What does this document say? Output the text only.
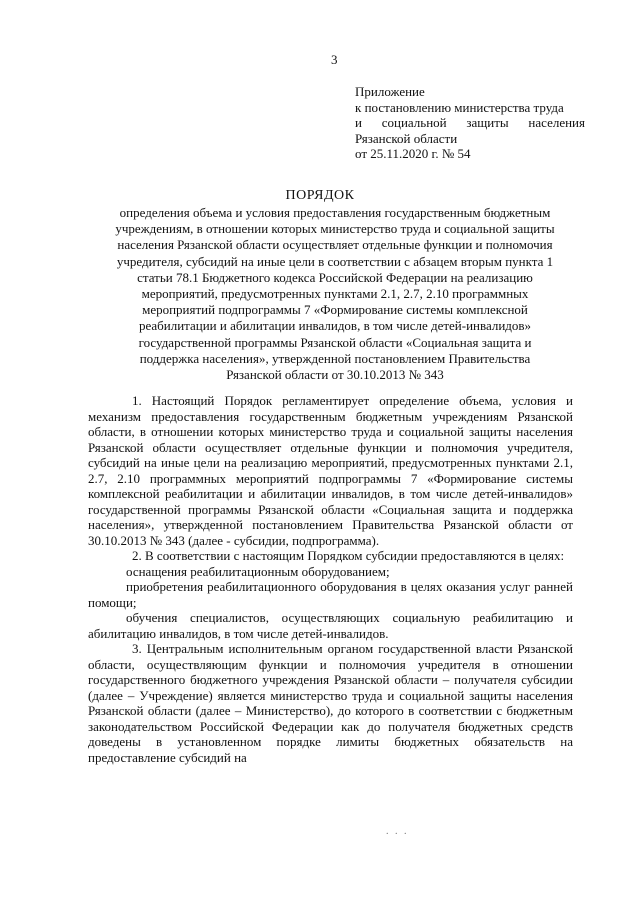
3
Приложение
к постановлению министерства труда
и социальной защиты населения
Рязанской области
от 25.11.2020 г. № 54
ПОРЯДОК
определения объема и условия предоставления государственным бюджетным
учреждениям, в отношении которых министерство труда и социальной защиты
населения Рязанской области осуществляет отдельные функции и полномочия
учредителя, субсидий на иные цели в соответствии с абзацем вторым пункта 1
статьи 78.1 Бюджетного кодекса Российской Федерации на реализацию
мероприятий, предусмотренных пунктами 2.1, 2.7, 2.10 программных
мероприятий подпрограммы 7 «Формирование системы комплексной
реабилитации и абилитации инвалидов, в том числе детей-инвалидов»
государственной программы Рязанской области «Социальная защита и
поддержка населения», утвержденной постановлением Правительства
Рязанской области от 30.10.2013 № 343

1. Настоящий Порядок регламентирует определение объема, условия и механизм предоставления государственным бюджетным учреждениям Рязанской области, в отношении которых министерство труда и социальной защиты населения Рязанской области осуществляет отдельные функции и полномочия учредителя, субсидий на иные цели на реализацию мероприятий, предусмотренных пунктами 2.1, 2.7, 2.10 программных мероприятий подпрограммы 7 «Формирование системы комплексной реабилитации и абилитации инвалидов, в том числе детей-инвалидов» государственной программы Рязанской области «Социальная защита и поддержка населения», утвержденной постановлением Правительства Рязанской области от 30.10.2013 № 343 (далее - субсидии, подпрограмма).

2. В соответствии с настоящим Порядком субсидии предоставляются в целях:

оснащения реабилитационным оборудованием;

приобретения реабилитационного оборудования в целях оказания услуг ранней помощи;

обучения специалистов, осуществляющих социальную реабилитацию и абилитацию инвалидов, в том числе детей-инвалидов.

3. Центральным исполнительным органом государственной власти Рязанской области, осуществляющим функции и полномочия учредителя в отношении государственного бюджетного учреждения Рязанской области – получателя субсидии (далее – Учреждение) является министерство труда и социальной защиты населения Рязанской области (далее – Министерство), до которого в соответствии с бюджетным законодательством Российской Федерации как до получателя бюджетных средств доведены в установленном порядке лимиты бюджетных обязательств на предоставление субсидий на

. . .
